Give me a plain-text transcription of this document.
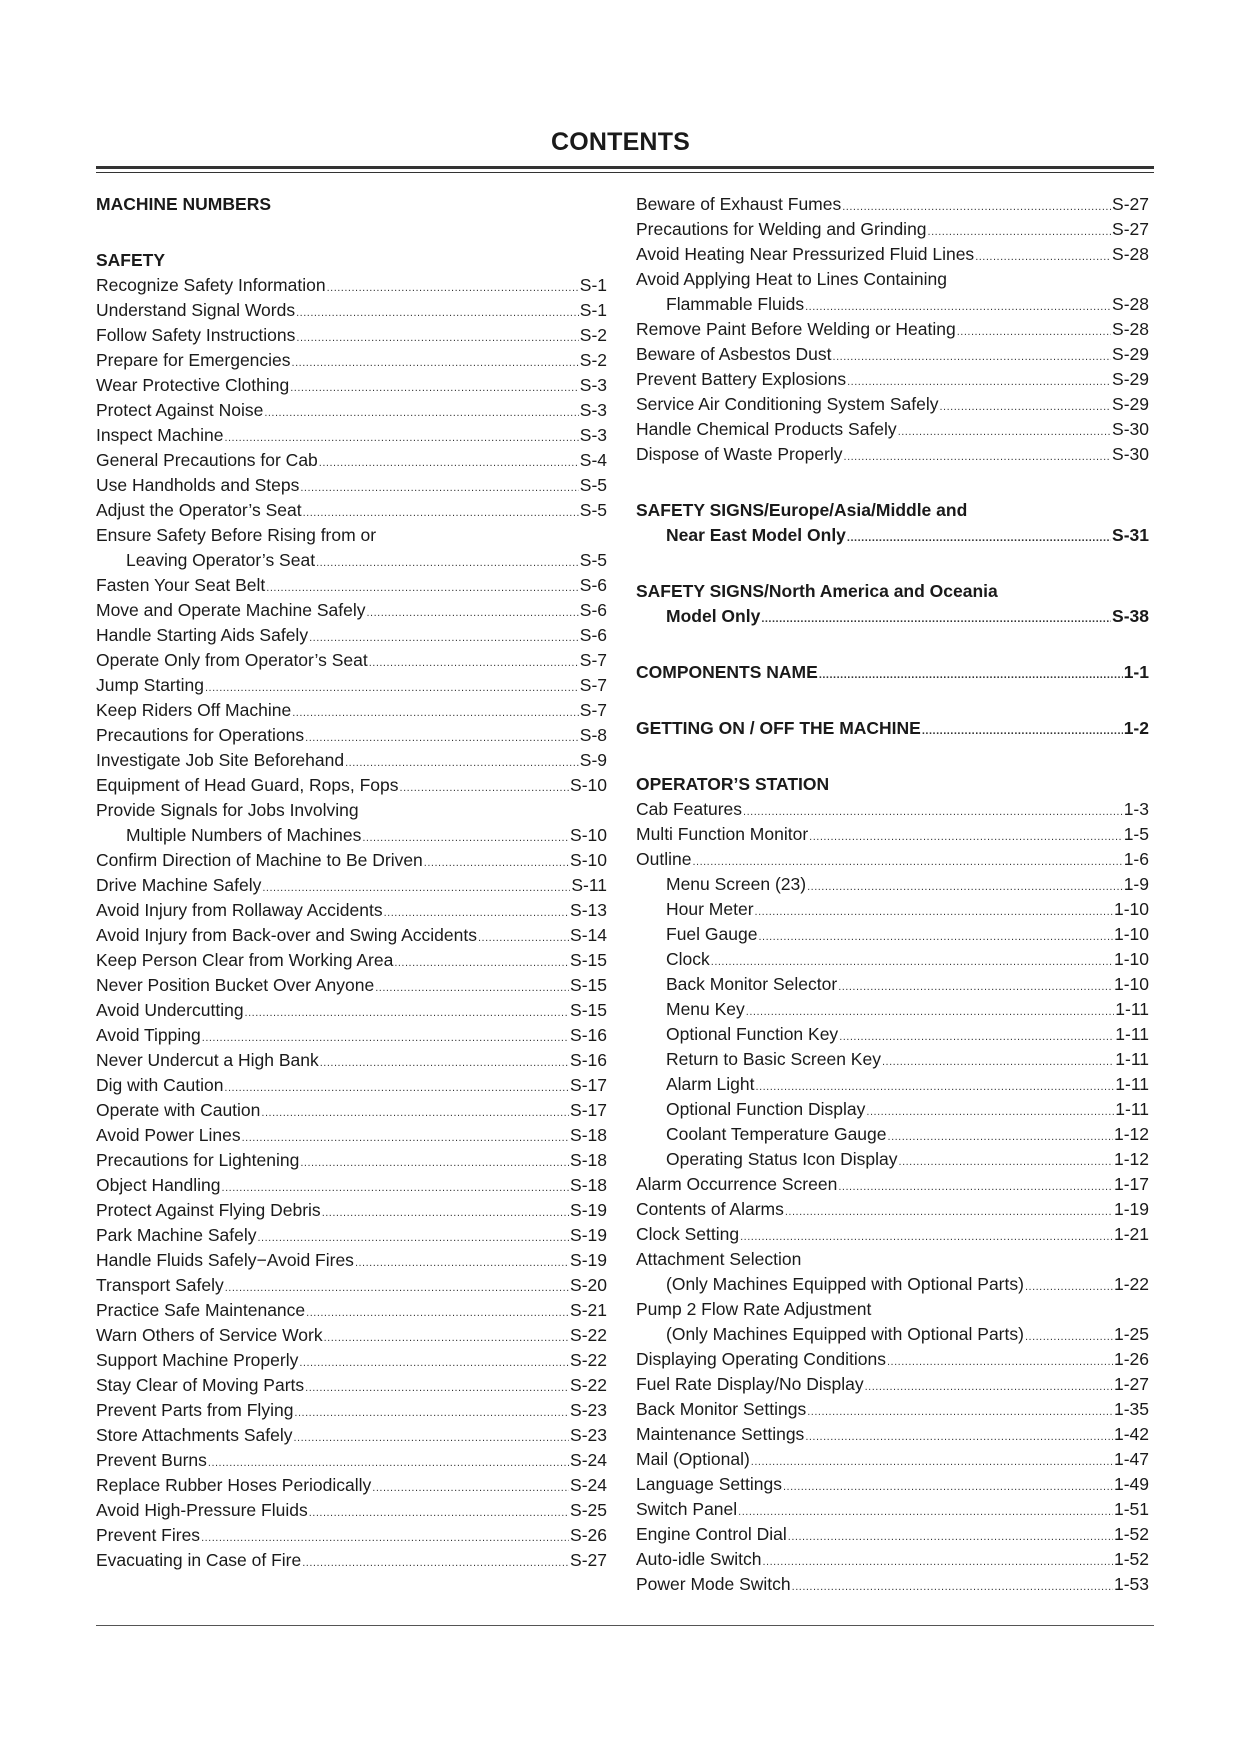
CONTENTS
MACHINE NUMBERS
SAFETY
Recognize Safety Information .....	S-1
Understand Signal Words .....	S-1
Follow Safety Instructions .....	S-2
Prepare for Emergencies .....	S-2
Wear Protective Clothing .....	S-3
Protect Against Noise .....	S-3
Inspect Machine .....	S-3
General Precautions for Cab .....	S-4
Use Handholds and Steps .....	S-5
Adjust the Operator’s Seat .....	S-5
Ensure Safety Before Rising from or
Leaving Operator’s Seat .....	S-5
Fasten Your Seat Belt .....	S-6
Move and Operate Machine Safely .....	S-6
Handle Starting Aids Safely .....	S-6
Operate Only from Operator’s Seat .....	S-7
Jump Starting .....	S-7
Keep Riders Off Machine .....	S-7
Precautions for Operations .....	S-8
Investigate Job Site Beforehand .....	S-9
Equipment of Head Guard, Rops, Fops .....	S-10
Provide Signals for Jobs Involving
Multiple Numbers of Machines .....	S-10
Confirm Direction of Machine to Be Driven .....	S-10
Drive Machine Safely .....	S-11
Avoid Injury from Rollaway Accidents .....	S-13
Avoid Injury from Back-over and Swing Accidents .....	S-14
Keep Person Clear from Working Area .....	S-15
Never Position Bucket Over Anyone .....	S-15
Avoid Undercutting .....	S-15
Avoid Tipping .....	S-16
Never Undercut a High Bank .....	S-16
Dig with Caution .....	S-17
Operate with Caution .....	S-17
Avoid Power Lines .....	S-18
Precautions for Lightening .....	S-18
Object Handling .....	S-18
Protect Against Flying Debris .....	S-19
Park Machine Safely .....	S-19
Handle Fluids Safely−Avoid Fires .....	S-19
Transport Safely .....	S-20
Practice Safe Maintenance .....	S-21
Warn Others of Service Work .....	S-22
Support Machine Properly .....	S-22
Stay Clear of Moving Parts .....	S-22
Prevent Parts from Flying .....	S-23
Store Attachments Safely .....	S-23
Prevent Burns .....	S-24
Replace Rubber Hoses Periodically .....	S-24
Avoid High-Pressure Fluids .....	S-25
Prevent Fires .....	S-26
Evacuating in Case of Fire .....	S-27
Beware of Exhaust Fumes .....	S-27
Precautions for Welding and Grinding .....	S-27
Avoid Heating Near Pressurized Fluid Lines .....	S-28
Avoid Applying Heat to Lines Containing
Flammable Fluids .....	S-28
Remove Paint Before Welding or Heating .....	S-28
Beware of Asbestos Dust .....	S-29
Prevent Battery Explosions .....	S-29
Service Air Conditioning System Safely .....	S-29
Handle Chemical Products Safely .....	S-30
Dispose of Waste Properly .....	S-30
SAFETY SIGNS/Europe/Asia/Middle and
Near East Model Only .....	S-31
SAFETY SIGNS/North America and Oceania
Model Only .....	S-38
COMPONENTS NAME .....	1-1
GETTING ON / OFF THE MACHINE .....	1-2
OPERATOR’S STATION
Cab Features .....	1-3
Multi Function Monitor .....	1-5
Outline .....	1-6
Menu Screen (23) .....	1-9
Hour Meter .....	1-10
Fuel Gauge .....	1-10
Clock .....	1-10
Back Monitor Selector .....	1-10
Menu Key .....	1-11
Optional Function Key .....	1-11
Return to Basic Screen Key .....	1-11
Alarm Light .....	1-11
Optional Function Display .....	1-11
Coolant Temperature Gauge .....	1-12
Operating Status Icon Display .....	1-12
Alarm Occurrence Screen .....	1-17
Contents of Alarms .....	1-19
Clock Setting .....	1-21
Attachment Selection
(Only Machines Equipped with Optional Parts) .....	1-22
Pump 2 Flow Rate Adjustment
(Only Machines Equipped with Optional Parts) .....	1-25
Displaying Operating Conditions .....	1-26
Fuel Rate Display/No Display .....	1-27
Back Monitor Settings .....	1-35
Maintenance Settings .....	1-42
Mail (Optional) .....	1-47
Language Settings .....	1-49
Switch Panel .....	1-51
Engine Control Dial .....	1-52
Auto-idle Switch .....	1-52
Power Mode Switch .....	1-53
